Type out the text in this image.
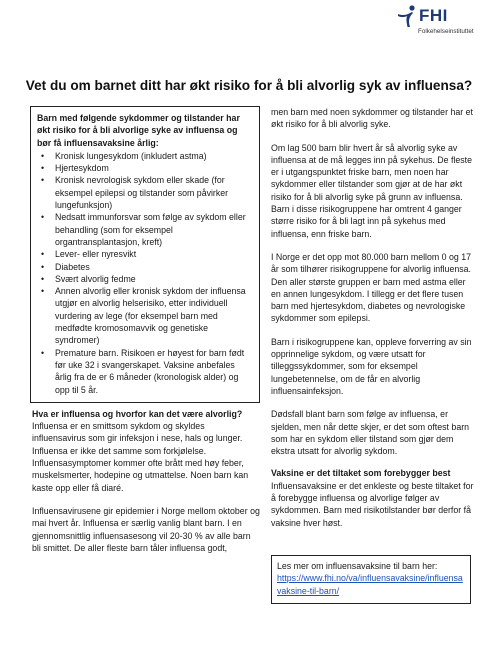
FHI
Folkehelseinstituttet
Vet du om barnet ditt har økt risiko for å bli alvorlig syk av influensa?

Barn med følgende sykdommer og tilstander har økt risiko for å bli alvorlige syke av influensa og bør få influensavaksine årlig:

• Kronisk lungesykdom (inkludert astma)
• Hjertesykdom
• Kronisk nevrologisk sykdom eller skade (for eksempel epilepsi og tilstander som påvirker lungefunksjon)
• Nedsatt immunforsvar som følge av sykdom eller behandling (som for eksempel organtransplantasjon, kreft)
• Lever- eller nyresvikt
• Diabetes
• Svært alvorlig fedme
• Annen alvorlig eller kronisk sykdom der influensa utgjør en alvorlig helserisiko, etter individuell vurdering av lege (for eksempel barn med medfødte kromosomavvik og genetiske syndromer)
• Premature barn. Risikoen er høyest for barn født før uke 32 i svangerskapet. Vaksine anbefales årlig fra de er 6 måneder (kronologisk alder) og opp til 5 år.
Hva er influensa og hvorfor kan det være alvorlig?

Influensa er en smittsom sykdom og skyldes influensavirus som gir infeksjon i nese, hals og lunger. Influensa er ikke det samme som forkjølelse. Influensasymptomer kommer ofte brått med høy feber, muskelsmerter, hodepine og utmattelse. Noen barn kan kaste opp eller få diaré.

Influensavirusene gir epidemier i Norge mellom oktober og mai hvert år. Influensa er særlig vanlig blant barn. I en gjennomsnittlig influensasesong vil 20-30 % av alle barn bli smittet. De aller fleste barn tåler influensa godt,

men barn med noen sykdommer og tilstander har et økt risiko for å bli alvorlig syke.

Om lag 500 barn blir hvert år så alvorlig syke av influensa at de må legges inn på sykehus. De fleste er i utgangspunktet friske barn, men noen har sykdommer eller tilstander som gjør at de har økt risiko for å bli alvorlig syke på grunn av influensa. Barn i disse risikogruppene har omtrent 4 ganger større risiko for å bli lagt inn på sykehus med influensa, enn friske barn.

I Norge er det opp mot 80.000 barn mellom 0 og 17 år som tilhører risikogruppene for alvorlig influensa. Den aller største gruppen er barn med astma eller en annen lungesykdom. I tillegg er det flere tusen barn med hjertesykdom, diabetes og nevrologiske sykdommer som epilepsi.

Barn i risikogruppene kan, oppleve forverring av sin opprinnelige sykdom, og være utsatt for tilleggssykdommer, som for eksempel lungebetennelse, om de får en alvorlig influensainfeksjon.

Dødsfall blant barn som følge av influensa, er sjelden, men når dette skjer, er det som oftest barn som har en sykdom eller tilstand som gjør dem ekstra utsatt for alvorlig sykdom.

Vaksine er det tiltaket som forebygger best

Influensavaksine er det enkleste og beste tiltaket for å forebygge influensa og alvorlige følger av sykdommen. Barn med risikotilstander bør derfor få vaksine hver høst.

Les mer om influensavaksine til barn her:

https://www.fhi.no/va/influensavaksine/influensavaksine-til-barn/
